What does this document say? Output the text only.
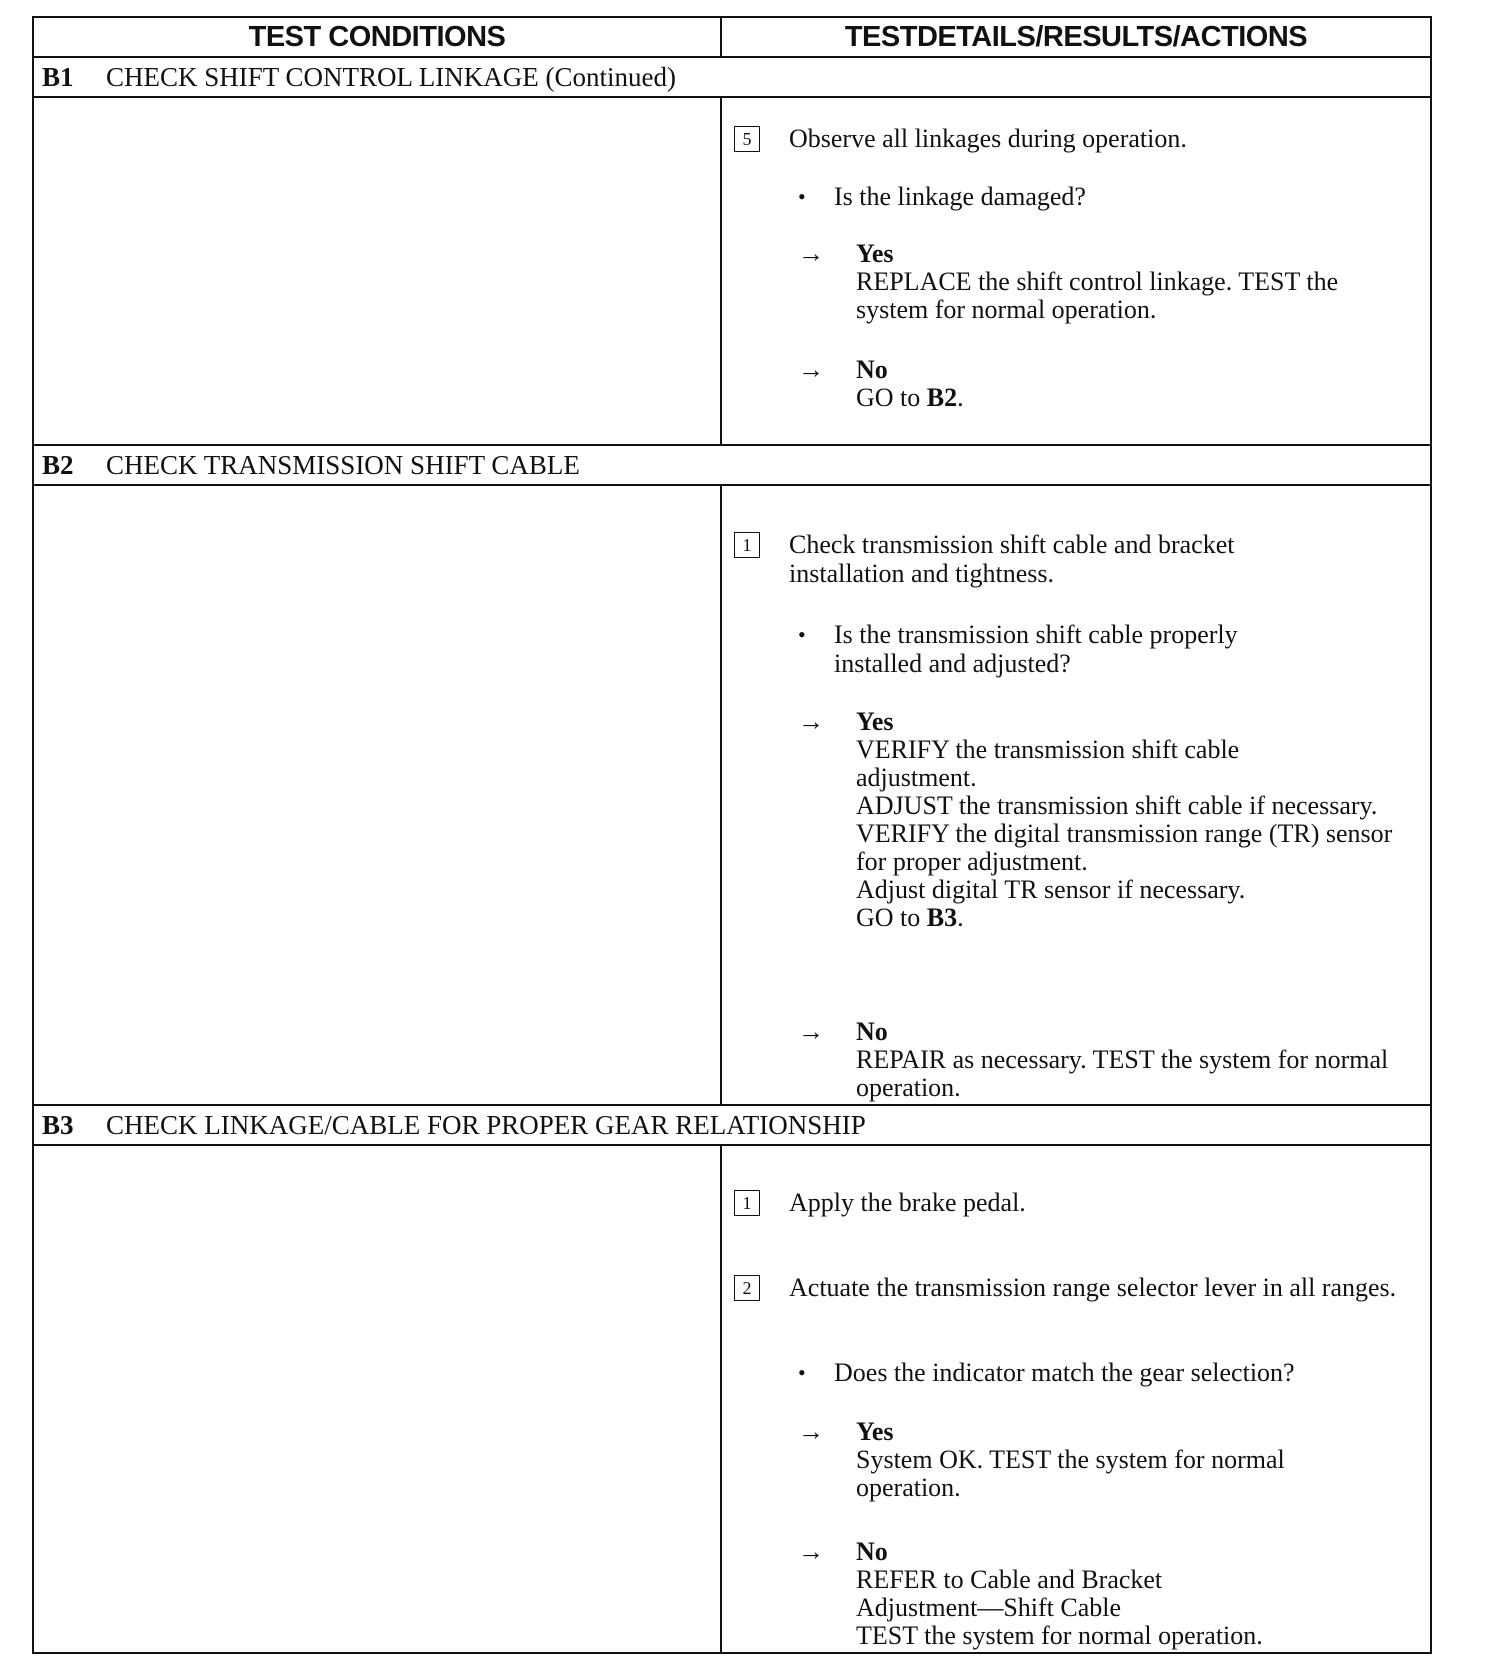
TEST CONDITIONS	TESTDETAILS/RESULTS/ACTIONS
B1	CHECK SHIFT CONTROL LINKAGE (Continued)
5	Observe all linkages during operation.
• Is the linkage damaged?
→ Yes
REPLACE the shift control linkage. TEST the system for normal operation.
→ No
GO to B2.
B2	CHECK TRANSMISSION SHIFT CABLE
1	Check transmission shift cable and bracket installation and tightness.
• Is the transmission shift cable properly installed and adjusted?
→ Yes

VERIFY the transmission shift cable adjustment.

ADJUST the transmission shift cable if necessary. VERIFY the digital transmission range (TR) sensor for proper adjustment.

Adjust digital TR sensor if necessary.

GO to B3.

→ No
REPAIR as necessary. TEST the system for normal operation.
B3	CHECK LINKAGE/CABLE FOR PROPER GEAR RELATIONSHIP
1	Apply the brake pedal.
2	Actuate the transmission range selector lever in all ranges.
• Does the indicator match the gear selection?
→ Yes
System OK. TEST the system for normal operation.
→ No

REFER to Cable and Bracket Adjustment—Shift Cable

TEST the system for normal operation.
